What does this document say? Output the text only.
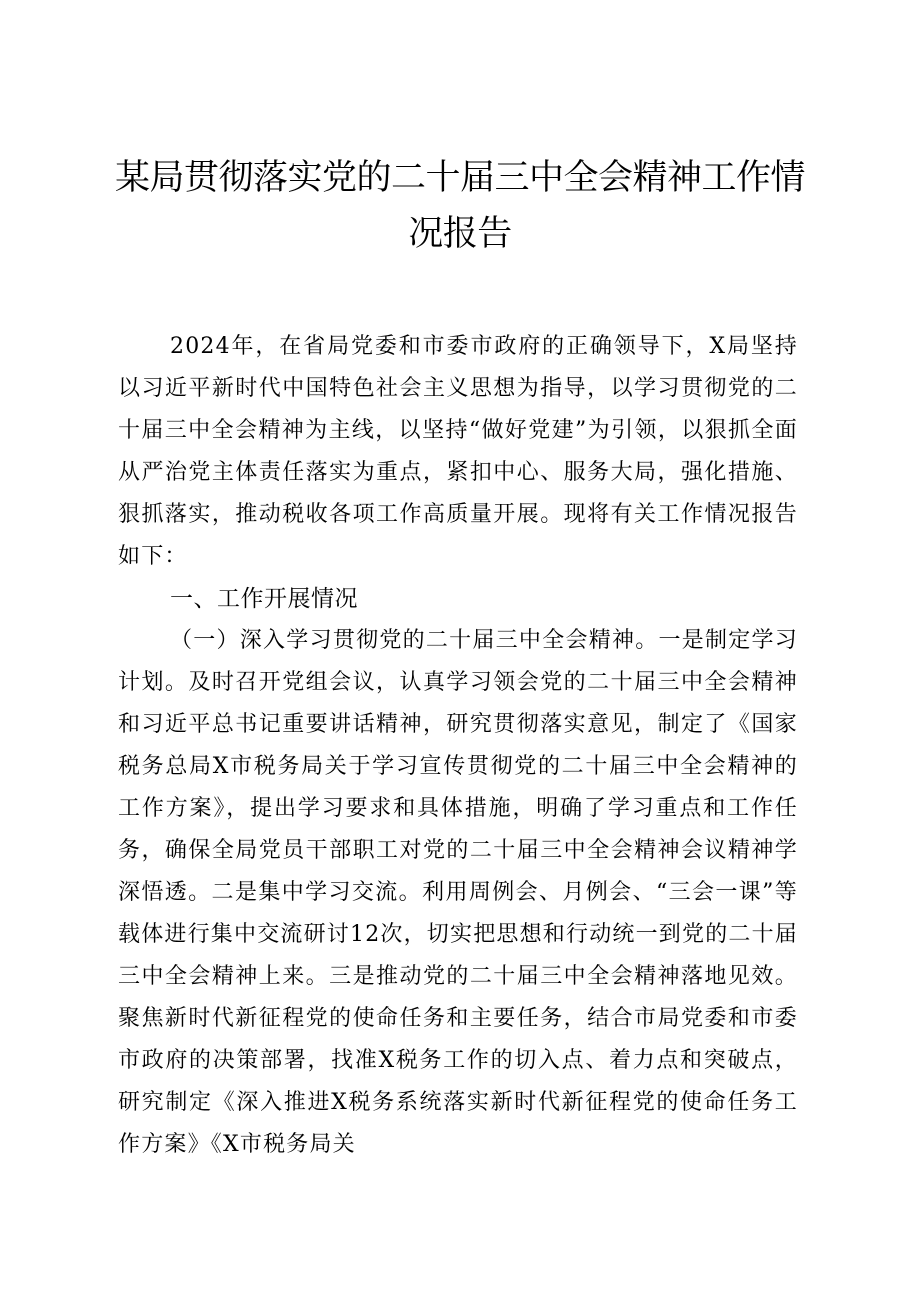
某局贯彻落实党的二十届三中全会精神工作情
况报告

2024年，在省局党委和市委市政府的正确领导下，X局坚持以习近平新时代中国特色社会主义思想为指导，以学习贯彻党的二十届三中全会精神为主线，以坚持“做好党建”为引领，以狠抓全面从严治党主体责任落实为重点，紧扣中心、服务大局，强化措施、狠抓落实，推动税收各项工作高质量开展。现将有关工作情况报告如下：

一、工作开展情况

（一）深入学习贯彻党的二十届三中全会精神。一是制定学习计划。及时召开党组会议，认真学习领会党的二十届三中全会精神和习近平总书记重要讲话精神，研究贯彻落实意见，制定了《国家税务总局X市税务局关于学习宣传贯彻党的二十届三中全会精神的工作方案》，提出学习要求和具体措施，明确了学习重点和工作任务，确保全局党员干部职工对党的二十届三中全会精神会议精神学深悟透。二是集中学习交流。利用周例会、月例会、“三会一课”等载体进行集中交流研讨12次，切实把思想和行动统一到党的二十届三中全会精神上来。三是推动党的二十届三中全会精神落地见效。聚焦新时代新征程党的使命任务和主要任务，结合市局党委和市委市政府的决策部署，找准X税务工作的切入点、着力点和突破点，研究制定《深入推进X税务系统落实新时代新征程党的使命任务工作方案》《X市税务局关
